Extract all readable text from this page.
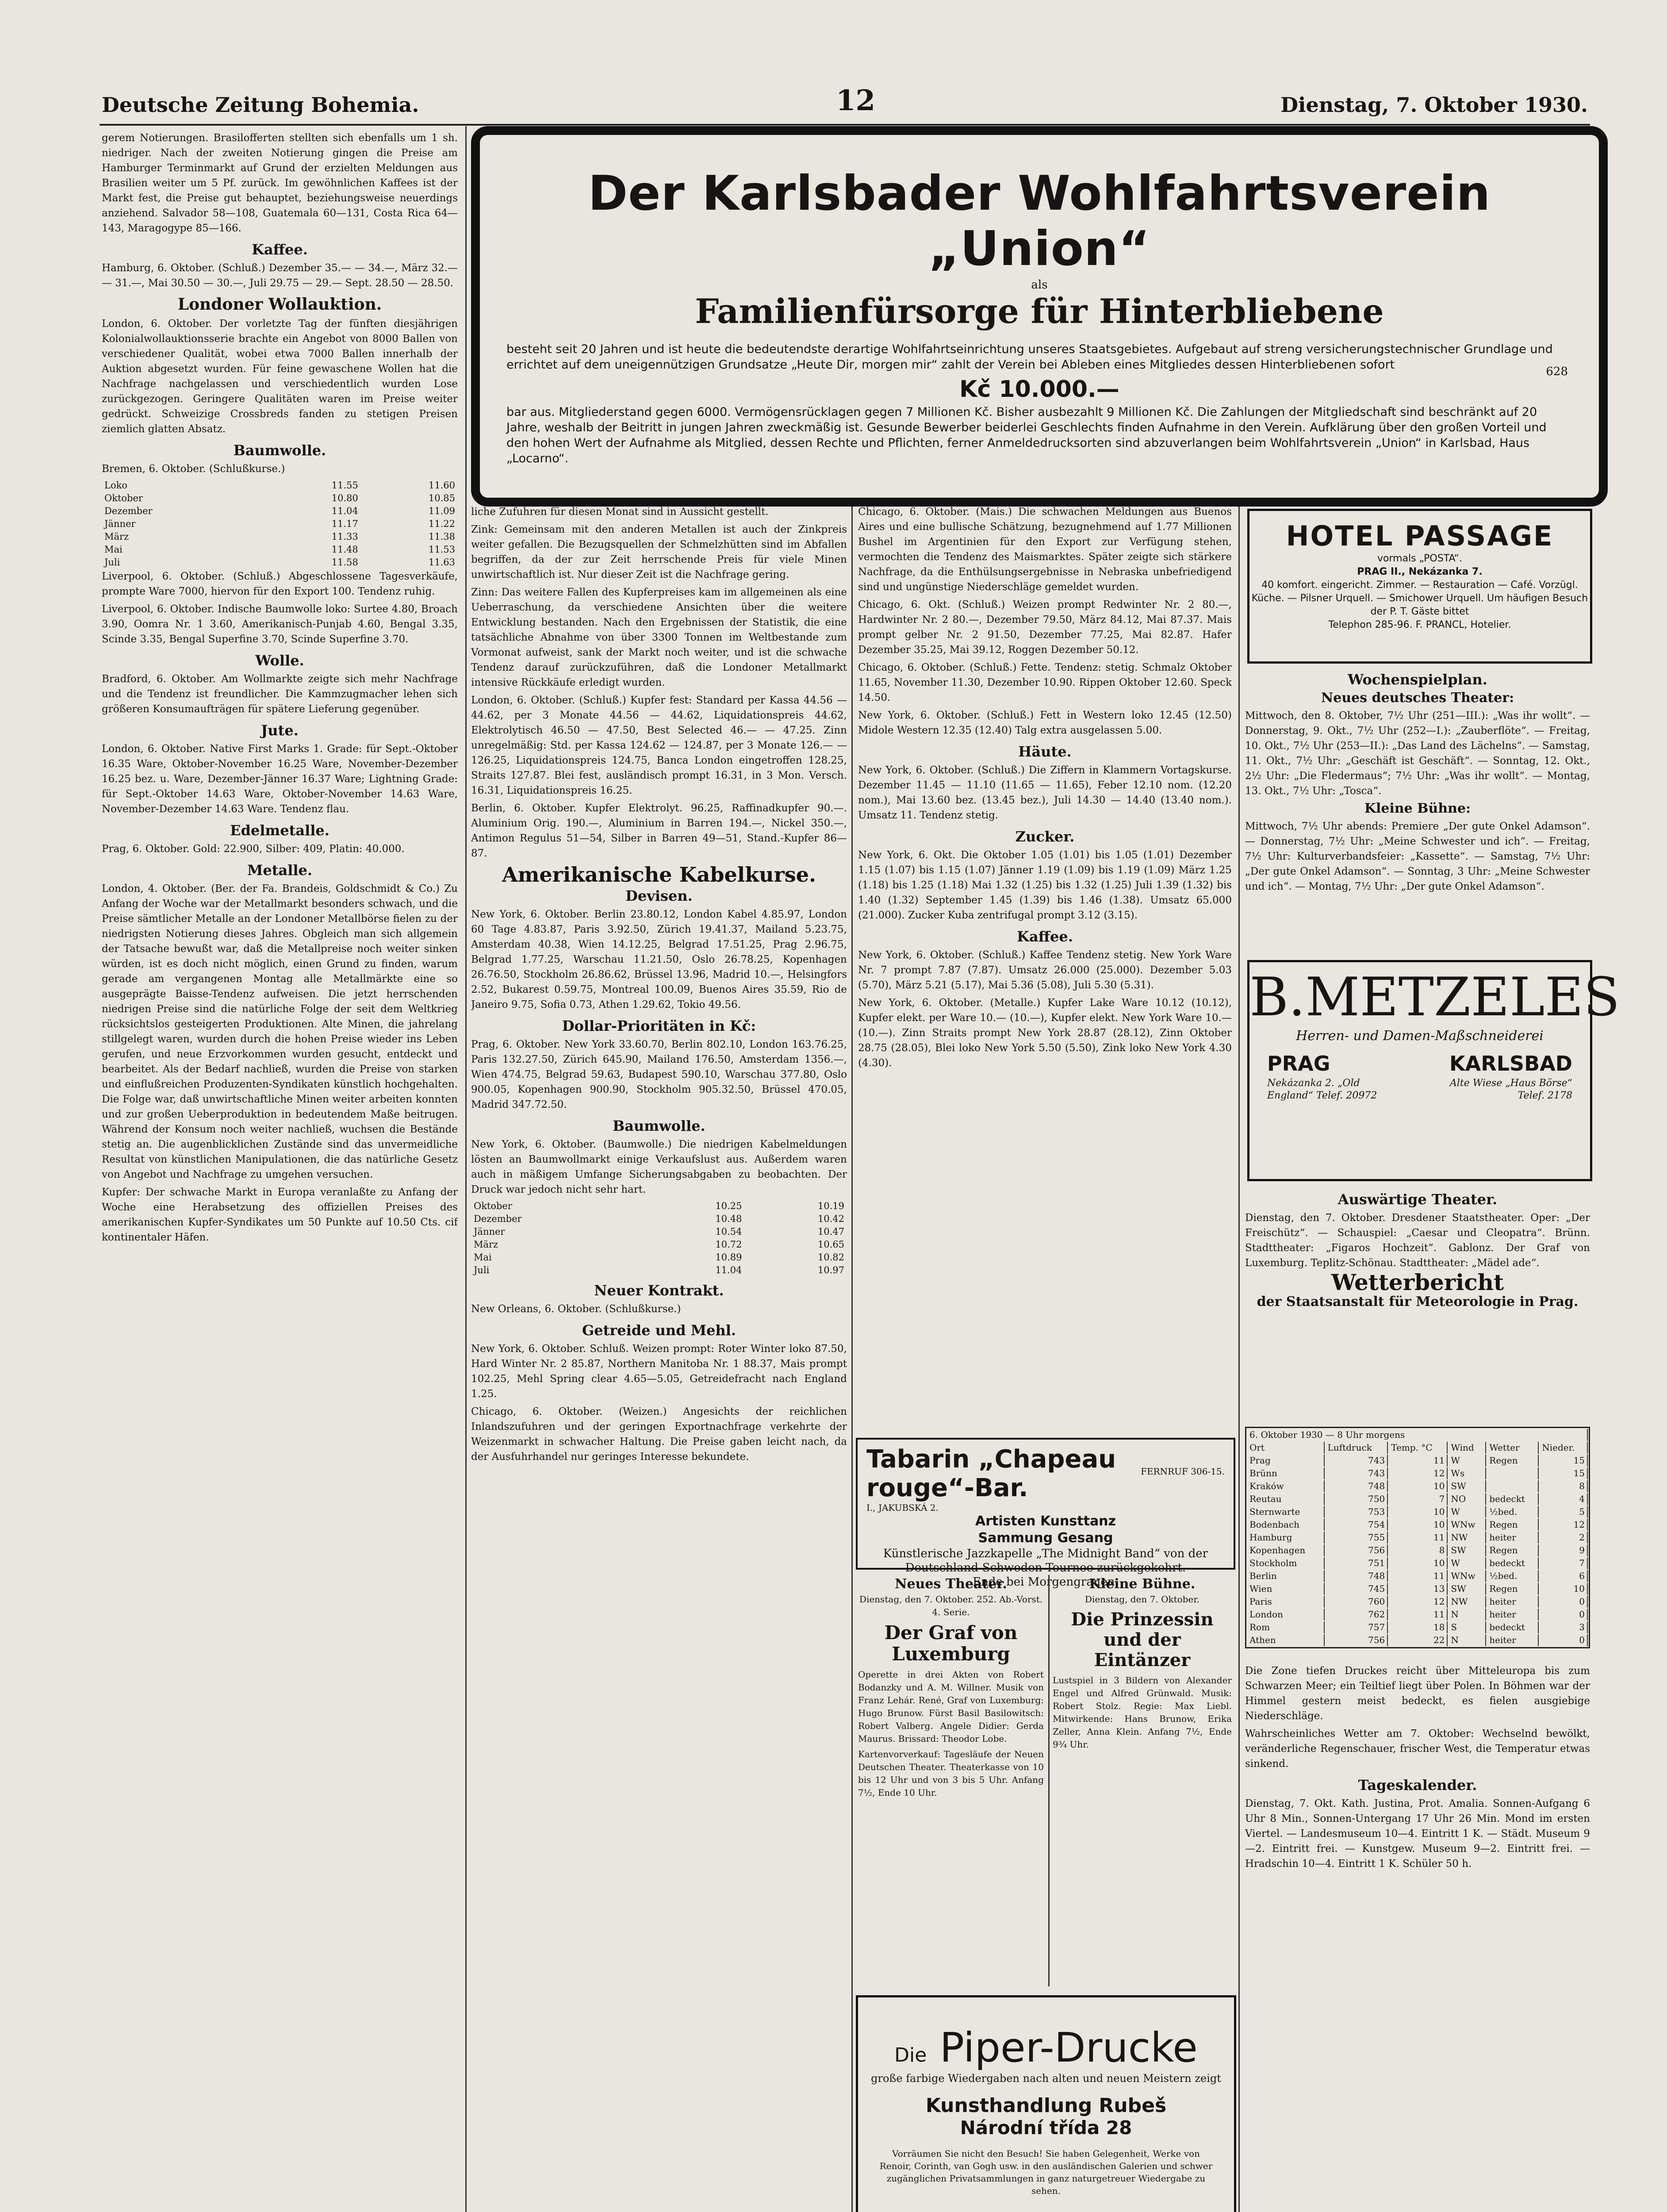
Deutsche Zeitung Bohemia.	12	Dienstag, 7. Oktober 1930.
Der Karlsbader Wohlfahrtsverein „Union“
als
Familienfürsorge für Hinterbliebene
besteht seit 20 Jahren und ist heute die bedeutendste derartige Wohlfahrtseinrichtung unseres Staatsgebietes. Aufgebaut auf streng versicherungstechnischer Grundlage und errichtet auf dem uneigennützigen Grundsatze „Heute Dir, morgen mir“ zahlt der Verein bei Ableben eines Mitgliedes dessen Hinterbliebenen sofort
Kč 10.000.—
628
bar aus. Mitgliederstand gegen 6000. Vermögensrücklagen gegen 7 Millionen Kč. Bisher ausbezahlt 9 Millionen Kč. Die Zahlungen der Mitgliedschaft sind beschränkt auf 20 Jahre, weshalb der Beitritt in jungen Jahren zweckmäßig ist. Gesunde Bewerber beiderlei Geschlechts finden Aufnahme in den Verein. Aufklärung über den großen Vorteil und den hohen Wert der Aufnahme als Mitglied, dessen Rechte und Pflichten, ferner Anmeldedrucksorten sind abzuverlangen beim Wohlfahrtsverein „Union“ in Karlsbad, Haus „Locarno“.

gerem Notierungen. Brasilofferten stellten sich ebenfalls um 1 sh. niedriger. Nach der zweiten Notierung gingen die Preise am Hamburger Terminmarkt auf Grund der erzielten Meldungen aus Brasilien weiter um 5 Pf. zurück. Im gewöhnlichen Kaffees ist der Markt fest, die Preise gut behauptet, beziehungsweise neuerdings anziehend. Salvador 58—108, Guatemala 60—131, Costa Rica 64—143, Maragogype 85—166.

Kaffee.

Hamburg, 6. Oktober. (Schluß.) Dezember 35.— — 34.—, März 32.— — 31.—, Mai 30.50 — 30.—, Juli 29.75 — 29.— Sept. 28.50 — 28.50.

Londoner Wollauktion.

London, 6. Oktober. Der vorletzte Tag der fünften diesjährigen Kolonialwollauktionsserie brachte ein Angebot von 8000 Ballen von verschiedener Qualität, wobei etwa 7000 Ballen innerhalb der Auktion abgesetzt wurden. Für feine gewaschene Wollen hat die Nachfrage nachgelassen und verschiedentlich wurden Lose zurückgezogen. Geringere Qualitäten waren im Preise weiter gedrückt. Schweizige Crossbreds fanden zu stetigen Preisen ziemlich glatten Absatz.

Baumwolle.

Bremen, 6. Oktober. (Schlußkurse.)

Loko	11.55	11.60
Oktober	10.80	10.85
Dezember	11.04	11.09
Jänner	11.17	11.22
März	11.33	11.38
Mai	11.48	11.53
Juli	11.58	11.63

Liverpool, 6. Oktober. (Schluß.) Abgeschlossene Tagesverkäufe, prompte Ware 7000, hiervon für den Export 100. Tendenz ruhig.

Liverpool, 6. Oktober. Indische Baumwolle loko: Surtee 4.80, Broach 3.90, Oomra Nr. 1 3.60, Amerikanisch-Punjab 4.60, Bengal 3.35, Scinde 3.35, Bengal Superfine 3.70, Scinde Superfine 3.70.

Wolle.

Bradford, 6. Oktober. Am Wollmarkte zeigte sich mehr Nachfrage und die Tendenz ist freundlicher. Die Kammzugmacher lehen sich größeren Konsumaufträgen für spätere Lieferung gegenüber.

Jute.

London, 6. Oktober. Native First Marks 1. Grade: für Sept.-Oktober 16.35 Ware, Oktober-November 16.25 Ware, November-Dezember 16.25 bez. u. Ware, Dezember-Jänner 16.37 Ware; Lightning Grade: für Sept.-Oktober 14.63 Ware, Oktober-November 14.63 Ware, November-Dezember 14.63 Ware. Tendenz flau.

Edelmetalle.

Prag, 6. Oktober. Gold: 22.900, Silber: 409, Platin: 40.000.

Metalle.

London, 4. Oktober. (Ber. der Fa. Brandeis, Goldschmidt & Co.) Zu Anfang der Woche war der Metallmarkt besonders schwach, und die Preise sämtlicher Metalle an der Londoner Metallbörse fielen zu der niedrigsten Notierung dieses Jahres. Obgleich man sich allgemein der Tatsache bewußt war, daß die Metallpreise noch weiter sinken würden, ist es doch nicht möglich, einen Grund zu finden, warum gerade am vergangenen Montag alle Metallmärkte eine so ausgeprägte Baisse-Tendenz aufweisen. Die jetzt herrschenden niedrigen Preise sind die natürliche Folge der seit dem Weltkrieg rücksichtslos gesteigerten Produktionen. Alte Minen, die jahrelang stillgelegt waren, wurden durch die hohen Preise wieder ins Leben gerufen, und neue Erzvorkommen wurden gesucht, entdeckt und bearbeitet. Als der Bedarf nachließ, wurden die Preise von starken und einflußreichen Produzenten-Syndikaten künstlich hochgehalten. Die Folge war, daß unwirtschaftliche Minen weiter arbeiten konnten und zur großen Ueberproduktion in bedeutendem Maße beitrugen. Während der Konsum noch weiter nachließ, wuchsen die Bestände stetig an. Die augenblicklichen Zustände sind das unvermeidliche Resultat von künstlichen Manipulationen, die das natürliche Gesetz von Angebot und Nachfrage zu umgehen versuchen.

Kupfer: Der schwache Markt in Europa veranlaßte zu Anfang der Woche eine Herabsetzung des offiziellen Preises des amerikanischen Kupfer-Syndikates um 50 Punkte auf 10.50 Cts. cif kontinentaler Häfen.

liche Zufuhren für diesen Monat sind in Aussicht gestellt.

Zink: Gemeinsam mit den anderen Metallen ist auch der Zinkpreis weiter gefallen. Die Bezugsquellen der Schmelzhütten sind im Abfallen begriffen, da der zur Zeit herrschende Preis für viele Minen unwirtschaftlich ist. Nur dieser Zeit ist die Nachfrage gering.

Zinn: Das weitere Fallen des Kupferpreises kam im allgemeinen als eine Ueberraschung, da verschiedene Ansichten über die weitere Entwicklung bestanden. Nach den Ergebnissen der Statistik, die eine tatsächliche Abnahme von über 3300 Tonnen im Weltbestande zum Vormonat aufweist, sank der Markt noch weiter, und ist die schwache Tendenz darauf zurückzuführen, daß die Londoner Metallmarkt intensive Rückkäufe erledigt wurden.

London, 6. Oktober. (Schluß.) Kupfer fest: Standard per Kassa 44.56 — 44.62, per 3 Monate 44.56 — 44.62, Liquidationspreis 44.62, Elektrolytisch 46.50 — 47.50, Best Selected 46.— — 47.25. Zinn unregelmäßig: Std. per Kassa 124.62 — 124.87, per 3 Monate 126.— — 126.25, Liquidationspreis 124.75, Banca London eingetroffen 128.25, Straits 127.87. Blei fest, ausländisch prompt 16.31, in 3 Mon. Versch. 16.31, Liquidationspreis 16.25.

Berlin, 6. Oktober. Kupfer Elektrolyt. 96.25, Raffinadkupfer 90.—. Aluminium Orig. 190.—, Aluminium in Barren 194.—, Nickel 350.—, Antimon Regulus 51—54, Silber in Barren 49—51, Stand.-Kupfer 86—87.

Amerikanische Kabelkurse.
Devisen.

New York, 6. Oktober. Berlin 23.80.12, London Kabel 4.85.97, London 60 Tage 4.83.87, Paris 3.92.50, Zürich 19.41.37, Mailand 5.23.75, Amsterdam 40.38, Wien 14.12.25, Belgrad 17.51.25, Prag 2.96.75, Belgrad 1.77.25, Warschau 11.21.50, Oslo 26.78.25, Kopenhagen 26.76.50, Stockholm 26.86.62, Brüssel 13.96, Madrid 10.—, Helsingfors 2.52, Bukarest 0.59.75, Montreal 100.09, Buenos Aires 35.59, Rio de Janeiro 9.75, Sofia 0.73, Athen 1.29.62, Tokio 49.56.

Dollar-Prioritäten in Kč:

Prag, 6. Oktober. New York 33.60.70, Berlin 802.10, London 163.76.25, Paris 132.27.50, Zürich 645.90, Mailand 176.50, Amsterdam 1356.—, Wien 474.75, Belgrad 59.63, Budapest 590.10, Warschau 377.80, Oslo 900.05, Kopenhagen 900.90, Stockholm 905.32.50, Brüssel 470.05, Madrid 347.72.50.

Baumwolle.

New York, 6. Oktober. (Baumwolle.) Die niedrigen Kabelmeldungen lösten an Baumwollmarkt einige Verkaufslust aus. Außerdem waren auch in mäßigem Umfange Sicherungsabgaben zu beobachten. Der Druck war jedoch nicht sehr hart.

Oktober	10.25	10.19
Dezember	10.48	10.42
Jänner	10.54	10.47
März	10.72	10.65
Mai	10.89	10.82
Juli	11.04	10.97
Neuer Kontrakt.

New Orleans, 6. Oktober. (Schlußkurse.)

Getreide und Mehl.

New York, 6. Oktober. Schluß. Weizen prompt: Roter Winter loko 87.50, Hard Winter Nr. 2 85.87, Northern Manitoba Nr. 1 88.37, Mais prompt 102.25, Mehl Spring clear 4.65—5.05, Getreidefracht nach England 1.25.

Chicago, 6. Oktober. (Weizen.) Angesichts der reichlichen Inlandszufuhren und der geringen Exportnachfrage verkehrte der Weizenmarkt in schwacher Haltung. Die Preise gaben leicht nach, da der Ausfuhrhandel nur geringes Interesse bekundete.

Chicago, 6. Oktober. (Mais.) Die schwachen Meldungen aus Buenos Aires und eine bullische Schätzung, bezugnehmend auf 1.77 Millionen Bushel im Argentinien für den Export zur Verfügung stehen, vermochten die Tendenz des Maismarktes. Später zeigte sich stärkere Nachfrage, da die Enthülsungsergebnisse in Nebraska unbefriedigend sind und ungünstige Niederschläge gemeldet wurden.

Chicago, 6. Okt. (Schluß.) Weizen prompt Redwinter Nr. 2 80.—, Hardwinter Nr. 2 80.—, Dezember 79.50, März 84.12, Mai 87.37. Mais prompt gelber Nr. 2 91.50, Dezember 77.25, Mai 82.87. Hafer Dezember 35.25, Mai 39.12, Roggen Dezember 50.12.

Chicago, 6. Oktober. (Schluß.) Fette. Tendenz: stetig. Schmalz Oktober 11.65, November 11.30, Dezember 10.90. Rippen Oktober 12.60. Speck 14.50.

New York, 6. Oktober. (Schluß.) Fett in Western loko 12.45 (12.50) Midole Western 12.35 (12.40) Talg extra ausgelassen 5.00.

Häute.

New York, 6. Oktober. (Schluß.) Die Ziffern in Klammern Vortagskurse. Dezember 11.45 — 11.10 (11.65 — 11.65), Feber 12.10 nom. (12.20 nom.), Mai 13.60 bez. (13.45 bez.), Juli 14.30 — 14.40 (13.40 nom.). Umsatz 11. Tendenz stetig.

Zucker.

New York, 6. Okt. Die Oktober 1.05 (1.01) bis 1.05 (1.01) Dezember 1.15 (1.07) bis 1.15 (1.07) Jänner 1.19 (1.09) bis 1.19 (1.09) März 1.25 (1.18) bis 1.25 (1.18) Mai 1.32 (1.25) bis 1.32 (1.25) Juli 1.39 (1.32) bis 1.40 (1.32) September 1.45 (1.39) bis 1.46 (1.38). Umsatz 65.000 (21.000). Zucker Kuba zentrifugal prompt 3.12 (3.15).

Kaffee.

New York, 6. Oktober. (Schluß.) Kaffee Tendenz stetig. New York Ware Nr. 7 prompt 7.87 (7.87). Umsatz 26.000 (25.000). Dezember 5.03 (5.70), März 5.21 (5.17), Mai 5.36 (5.08), Juli 5.30 (5.31).

New York, 6. Oktober. (Metalle.) Kupfer Lake Ware 10.12 (10.12), Kupfer elekt. per Ware 10.— (10.—), Kupfer elekt. New York Ware 10.— (10.—). Zinn Straits prompt New York 28.87 (28.12), Zinn Oktober 28.75 (28.05), Blei loko New York 5.50 (5.50), Zink loko New York 4.30 (4.30).

Tabarin „Chapeau rouge“-Bar.
FERNRUF 306-15.
I., JAKUBSKÁ 2.
Artisten Kunsttanz
Sammung Gesang
Künstlerische Jazzkapelle „The Midnight Band“ von der Deutschland-Schweden-Tournee zurückgekehrt.
Ende bei Morgengrauen.
Neues Theater.
Dienstag, den 7. Oktober. 252. Ab.-Vorst. 4. Serie.
Der Graf von Luxemburg

Operette in drei Akten von Robert Bodanzky und A. M. Willner. Musik von Franz Lehár. René, Graf von Luxemburg: Hugo Brunow. Fürst Basil Basilowitsch: Robert Valberg. Angele Didier: Gerda Maurus. Brissard: Theodor Lobe.

Kartenvorverkauf: Tagesläufe der Neuen Deutschen Theater. Theaterkasse von 10 bis 12 Uhr und von 3 bis 5 Uhr. Anfang 7½, Ende 10 Uhr.

Kleine Bühne.
Dienstag, den 7. Oktober.
Die Prinzessin und der Eintänzer

Lustspiel in 3 Bildern von Alexander Engel und Alfred Grünwald. Musik: Robert Stolz. Regie: Max Liebl. Mitwirkende: Hans Brunow, Erika Zeller, Anna Klein. Anfang 7½, Ende 9¾ Uhr.

Die Piper-Drucke
große farbige Wiedergaben nach alten und neuen Meistern zeigt
Kunsthandlung Rubeš
Národní třída 28
Vorräumen Sie nicht den Besuch! Sie haben Gelegenheit, Werke von Renoir, Corinth, van Gogh usw. in den ausländischen Galerien und schwer zugänglichen Privatsammlungen in ganz naturgetreuer Wiedergabe zu sehen.
HOTEL PASSAGE
vormals „POSTA“.
PRAG II., Nekázanka 7.
40 komfort. eingericht. Zimmer. — Restauration — Café. Vorzügl. Küche. — Pilsner Urquell. — Smichower Urquell. Um häufigen Besuch der P. T. Gäste bittet
Telephon 285-96. F. PRANCL, Hotelier.
Wochenspielplan.
Neues deutsches Theater:

Mittwoch, den 8. Oktober, 7½ Uhr (251—III.): „Was ihr wollt“. — Donnerstag, 9. Okt., 7½ Uhr (252—I.): „Zauberflöte“. — Freitag, 10. Okt., 7½ Uhr (253—II.): „Das Land des Lächelns“. — Samstag, 11. Okt., 7½ Uhr: „Geschäft ist Geschäft“. — Sonntag, 12. Okt., 2½ Uhr: „Die Fledermaus“; 7½ Uhr: „Was ihr wollt“. — Montag, 13. Okt., 7½ Uhr: „Tosca“.

Kleine Bühne:

Mittwoch, 7½ Uhr abends: Premiere „Der gute Onkel Adamson“. — Donnerstag, 7½ Uhr: „Meine Schwester und ich“. — Freitag, 7½ Uhr: Kulturverbandsfeier: „Kassette“. — Samstag, 7½ Uhr: „Der gute Onkel Adamson“. — Sonntag, 3 Uhr: „Meine Schwester und ich“. — Montag, 7½ Uhr: „Der gute Onkel Adamson“.

B.METZELES
Herren- und Damen-Maßschneiderei
PRAG	KARLSBAD
Nekázanka 2. „Old England“ Telef. 20972
Alte Wiese „Haus Börse“ Telef. 2178
Auswärtige Theater.

Dienstag, den 7. Oktober. Dresdener Staatstheater. Oper: „Der Freischütz“. — Schauspiel: „Caesar und Cleopatra“. Brünn. Stadttheater: „Figaros Hochzeit“. Gablonz. Der Graf von Luxemburg. Teplitz-Schönau. Stadttheater: „Mädel ade“.

Wetterbericht
der Staatsanstalt für Meteorologie in Prag.
6. Oktober 1930 — 8 Uhr morgens					
Ort	Luftdruck	Temp. °C	Wind	Wetter	Nieder.
Prag	743	11	W	Regen	15
Brünn	743	12	Ws		15
Kraków	748	10	SW		8
Reutau	750	7	NO	bedeckt	4
Sternwarte	753	10	W	½bed.	5
Bodenbach	754	10	WNw	Regen	12
Hamburg	755	11	NW	heiter	2
Kopenhagen	756	8	SW	Regen	9
Stockholm	751	10	W	bedeckt	7
Berlin	748	11	WNw	½bed.	6
Wien	745	13	SW	Regen	10
Paris	760	12	NW	heiter	0
London	762	11	N	heiter	0
Rom	757	18	S	bedeckt	3
Athen	756	22	N	heiter	0

Die Zone tiefen Druckes reicht über Mitteleuropa bis zum Schwarzen Meer; ein Teiltief liegt über Polen. In Böhmen war der Himmel gestern meist bedeckt, es fielen ausgiebige Niederschläge.

Wahrscheinliches Wetter am 7. Oktober: Wechselnd bewölkt, veränderliche Regenschauer, frischer West, die Temperatur etwas sinkend.

Tageskalender.

Dienstag, 7. Okt. Kath. Justina, Prot. Amalia. Sonnen-Aufgang 6 Uhr 8 Min., Sonnen-Untergang 17 Uhr 26 Min. Mond im ersten Viertel. — Landesmuseum 10—4. Eintritt 1 K. — Städt. Museum 9—2. Eintritt frei. — Kunstgew. Museum 9—2. Eintritt frei. — Hradschin 10—4. Eintritt 1 K. Schüler 50 h.
